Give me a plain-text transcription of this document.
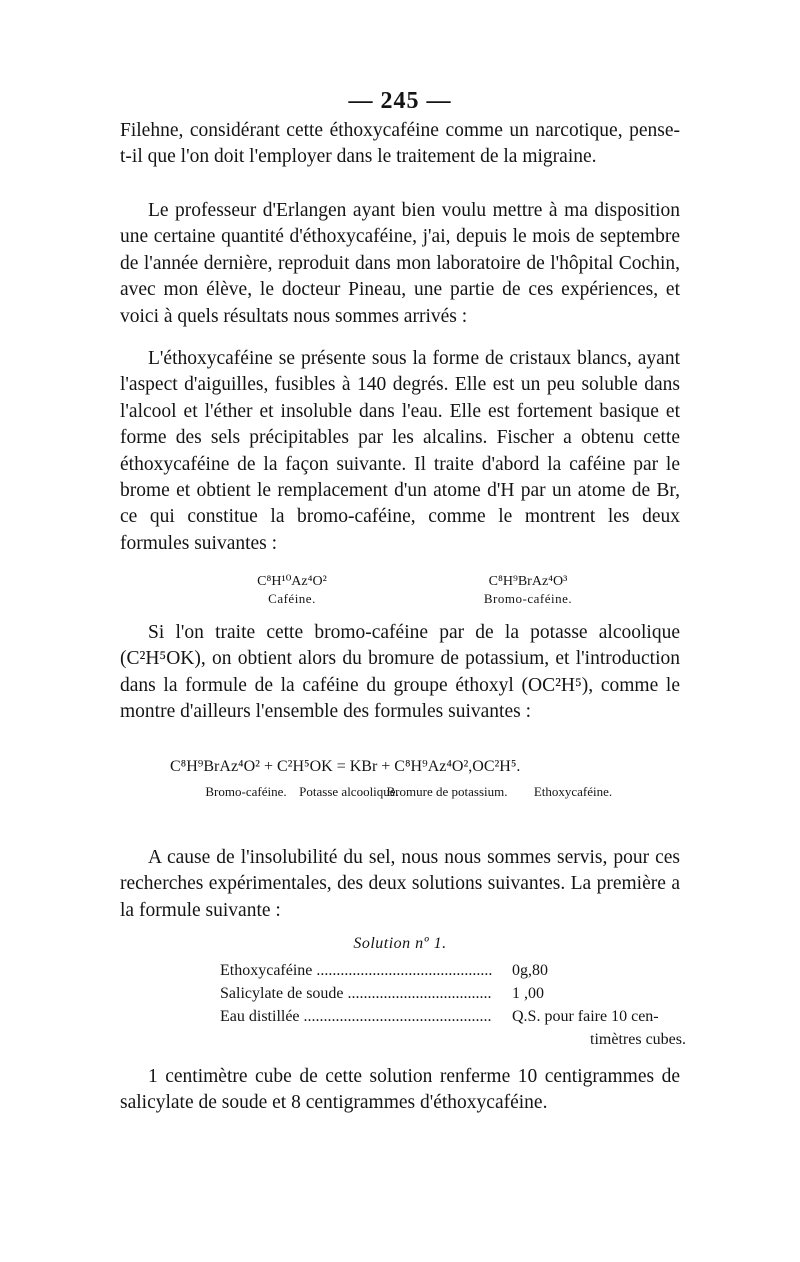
— 245 —

Filehne, considérant cette éthoxycaféine comme un narcotique, pense-t-il que l'on doit l'employer dans le traitement de la migraine.

Le professeur d'Erlangen ayant bien voulu mettre à ma disposition une certaine quantité d'éthoxycaféine, j'ai, depuis le mois de septembre de l'année dernière, reproduit dans mon laboratoire de l'hôpital Cochin, avec mon élève, le docteur Pineau, une partie de ces expériences, et voici à quels résultats nous sommes arrivés :

L'éthoxycaféine se présente sous la forme de cristaux blancs, ayant l'aspect d'aiguilles, fusibles à 140 degrés. Elle est un peu soluble dans l'alcool et l'éther et insoluble dans l'eau. Elle est fortement basique et forme des sels précipitables par les alcalins. Fischer a obtenu cette éthoxycaféine de la façon suivante. Il traite d'abord la caféine par le brome et obtient le remplacement d'un atome d'H par un atome de Br, ce qui constitue la bromo-caféine, comme le montrent les deux formules suivantes :

C⁸H¹⁰Az⁴O²
Caféine.
C⁸H⁹BrAz⁴O³
Bromo-caféine.

Si l'on traite cette bromo-caféine par de la potasse alcoolique (C²H⁵OK), on obtient alors du bromure de potassium, et l'introduction dans la formule de la caféine du groupe éthoxyl (OC²H⁵), comme le montre d'ailleurs l'ensemble des formules suivantes :

C⁸H⁹BrAz⁴O² + C²H⁵OK = KBr + C⁸H⁹Az⁴O²,OC²H⁵.
Bromo-caféine. Potasse alcoolique.
Bromure de potassium.	Ethoxycaféine.

A cause de l'insolubilité du sel, nous nous sommes servis, pour ces recherches expérimentales, des deux solutions suivantes. La première a la formule suivante :

Solution nº 1.
Ethoxycaféine .....	0g,80
Salicylate de soude .....	1 ,00
Eau distillée .....	Q.S. pour faire 10 cen-
timètres cubes.

1 centimètre cube de cette solution renferme 10 centigrammes de salicylate de soude et 8 centigrammes d'éthoxycaféine.
